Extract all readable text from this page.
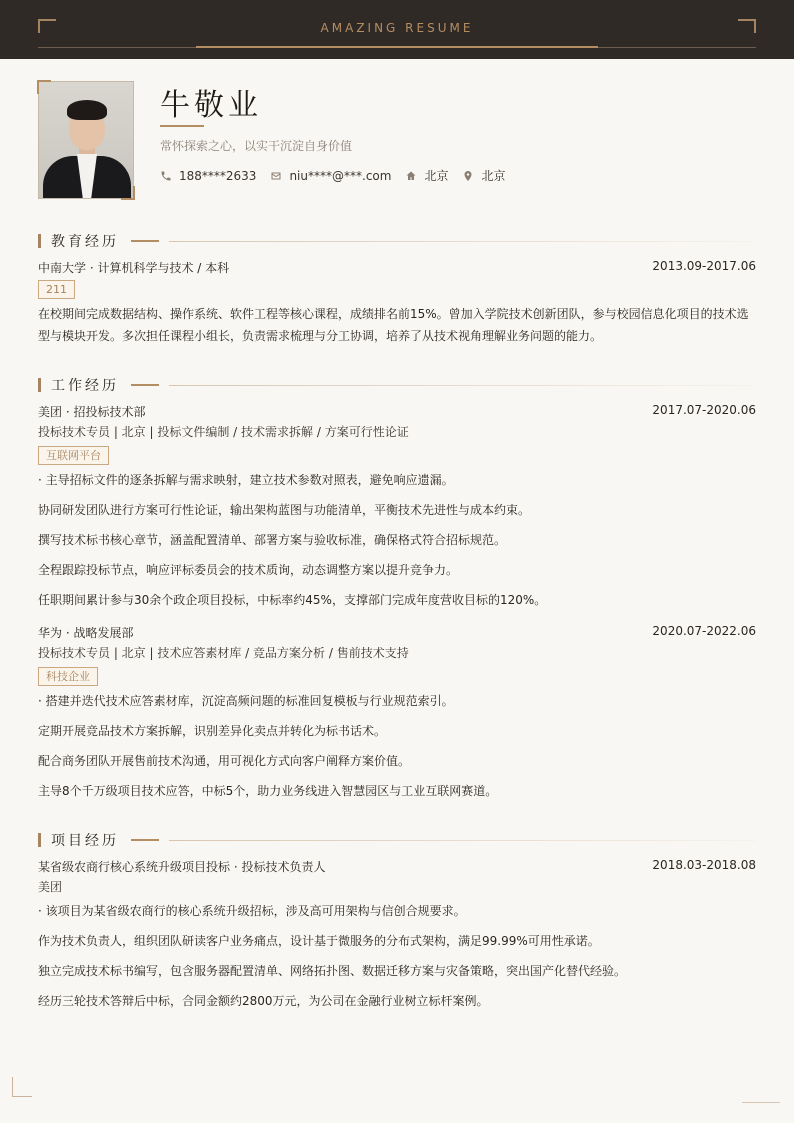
AMAZING RESUME
牛敬业
常怀探索之心，以实干沉淀自身价值
188****2633	niu****@***.com	北京	北京
教育经历
中南大学 · 计算机科学与技术 / 本科	2013.09-2017.06
211
在校期间完成数据结构、操作系统、软件工程等核心课程，成绩排名前15%。曾加入学院技术创新团队，参与校园信息化项目的技术选
型与模块开发。多次担任课程小组长，负责需求梳理与分工协调，培养了从技术视角理解业务问题的能力。
工作经历
美团 · 招投标技术部	2017.07-2020.06
投标技术专员 | 北京 | 投标文件编制 / 技术需求拆解 / 方案可行性论证
互联网平台
· 主导招标文件的逐条拆解与需求映射，建立技术参数对照表，避免响应遗漏。
协同研发团队进行方案可行性论证，输出架构蓝图与功能清单，平衡技术先进性与成本约束。
撰写技术标书核心章节，涵盖配置清单、部署方案与验收标准，确保格式符合招标规范。
全程跟踪投标节点，响应评标委员会的技术质询，动态调整方案以提升竞争力。
任职期间累计参与30余个政企项目投标，中标率约45%，支撑部门完成年度营收目标的120%。
华为 · 战略发展部	2020.07-2022.06
投标技术专员 | 北京 | 技术应答素材库 / 竞品方案分析 / 售前技术支持
科技企业
· 搭建并迭代技术应答素材库，沉淀高频问题的标准回复模板与行业规范索引。
定期开展竞品技术方案拆解，识别差异化卖点并转化为标书话术。
配合商务团队开展售前技术沟通，用可视化方式向客户阐释方案价值。
主导8个千万级项目技术应答，中标5个，助力业务线进入智慧园区与工业互联网赛道。
项目经历
某省级农商行核心系统升级项目投标 · 投标技术负责人	2018.03-2018.08
美团
· 该项目为某省级农商行的核心系统升级招标，涉及高可用架构与信创合规要求。
作为技术负责人，组织团队研读客户业务痛点，设计基于微服务的分布式架构，满足99.99%可用性承诺。
独立完成技术标书编写，包含服务器配置清单、网络拓扑图、数据迁移方案与灾备策略，突出国产化替代经验。
经历三轮技术答辩后中标，合同金额约2800万元，为公司在金融行业树立标杆案例。
